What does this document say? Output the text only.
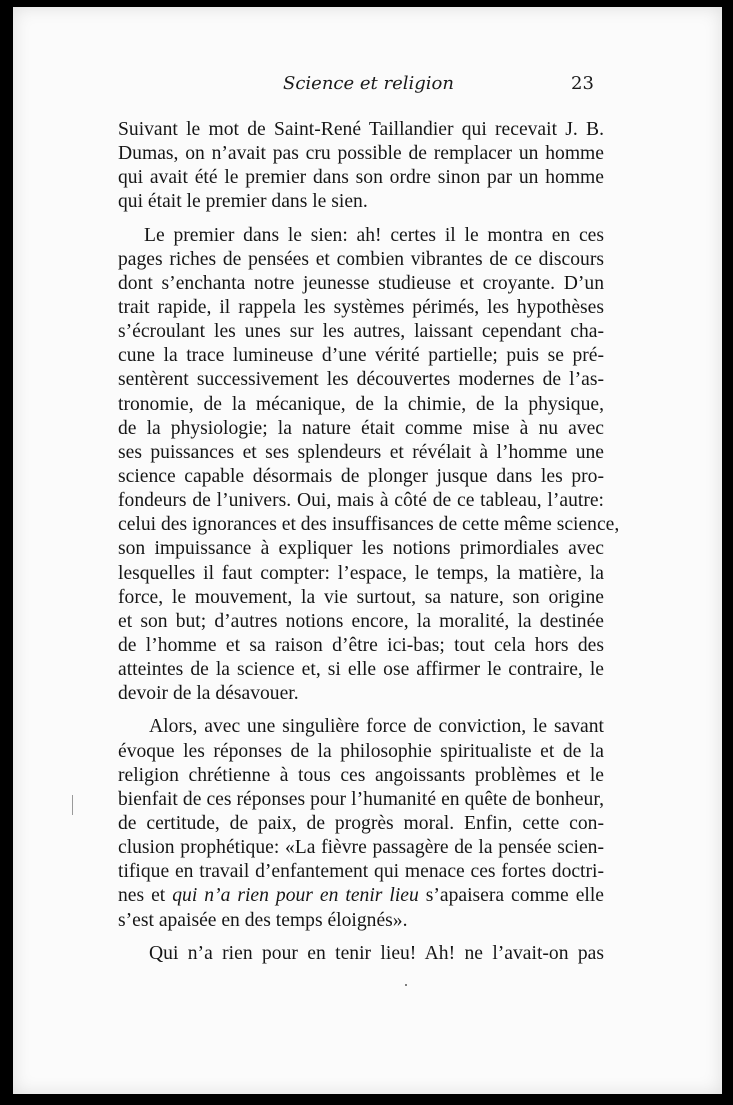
Science et religion	23
Suivant le mot de Saint-René Taillandier qui recevait J. B.
Dumas, on n’avait pas cru possible de remplacer un homme
qui avait été le premier dans son ordre sinon par un homme
qui était le premier dans le sien.
Le premier dans le sien: ah! certes il le montra en ces
pages riches de pensées et combien vibrantes de ce discours
dont s’enchanta notre jeunesse studieuse et croyante. D’un
trait rapide, il rappela les systèmes périmés, les hypothèses
s’écroulant les unes sur les autres, laissant cependant cha-
cune la trace lumineuse d’une vérité partielle; puis se pré-
sentèrent successivement les découvertes modernes de l’as-
tronomie, de la mécanique, de la chimie, de la physique,
de la physiologie; la nature était comme mise à nu avec
ses puissances et ses splendeurs et révélait à l’homme une
science capable désormais de plonger jusque dans les pro-
fondeurs de l’univers. Oui, mais à côté de ce tableau, l’autre:
celui des ignorances et des insuffisances de cette même science,
son impuissance à expliquer les notions primordiales avec
lesquelles il faut compter: l’espace, le temps, la matière, la
force, le mouvement, la vie surtout, sa nature, son origine
et son but; d’autres notions encore, la moralité, la destinée
de l’homme et sa raison d’être ici-bas; tout cela hors des
atteintes de la science et, si elle ose affirmer le contraire, le
devoir de la désavouer.
Alors, avec une singulière force de conviction, le savant
évoque les réponses de la philosophie spiritualiste et de la
religion chrétienne à tous ces angoissants problèmes et le
bienfait de ces réponses pour l’humanité en quête de bonheur,
de certitude, de paix, de progrès moral. Enfin, cette con-
clusion prophétique: «La fièvre passagère de la pensée scien-
tifique en travail d’enfantement qui menace ces fortes doctri-
nes et qui n’a rien pour en tenir lieu s’apaisera comme elle
s’est apaisée en des temps éloignés».
Qui n’a rien pour en tenir lieu! Ah! ne l’avait-on pas
